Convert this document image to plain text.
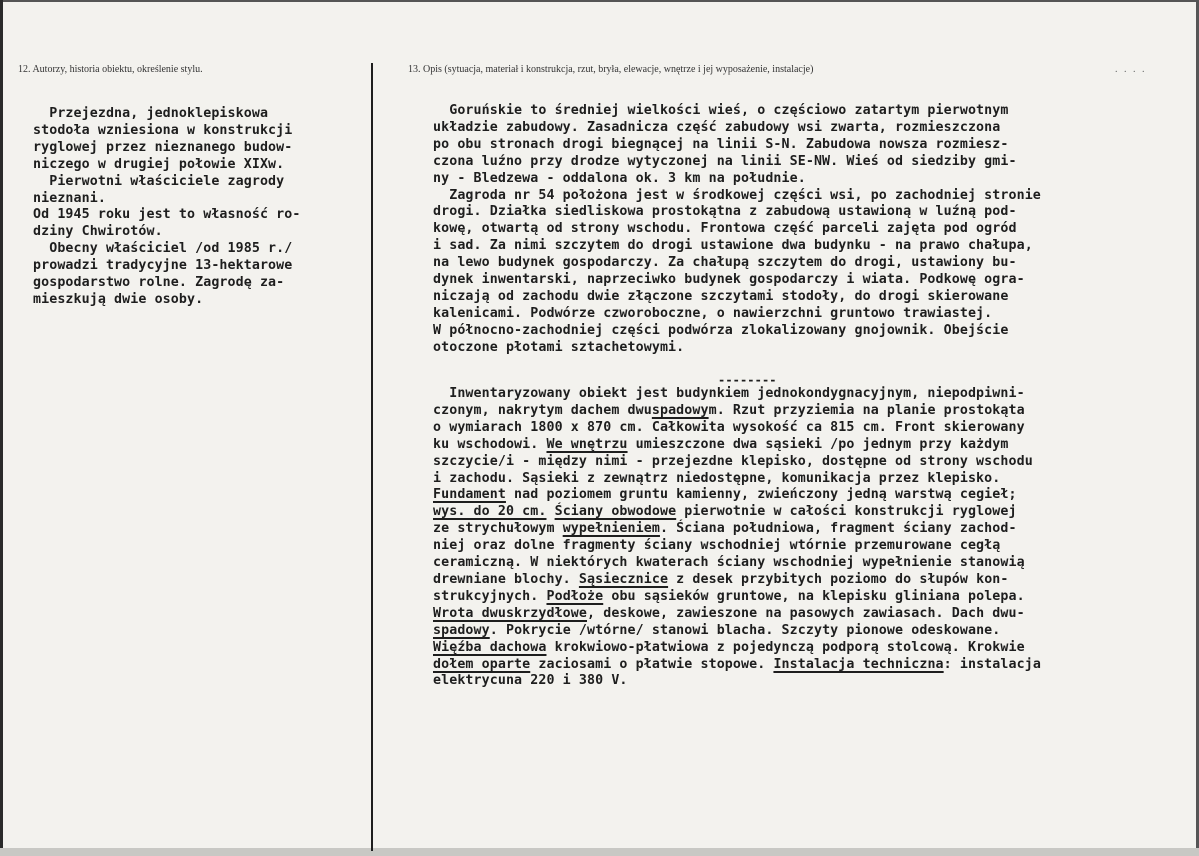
12. Autorzy, historia obiektu, określenie stylu.	13. Opis (sytuacja, materiał i konstrukcja, rzut, bryła, elewacje, wnętrze i jej wyposażenie, instalacje)	. . . .
Przejezdna, jednoklepiskowa
stodoła wzniesiona w konstrukcji
ryglowej przez nieznanego budow-
niczego w drugiej połowie XIXw.
Pierwotni właściciele zagrody
nieznani.
Od 1945 roku jest to własność ro-
dziny Chwirotów.
Obecny właściciel /od 1985 r./
prowadzi tradycyjne 13-hektarowe
gospodarstwo rolne. Zagrodę za-
mieszkują dwie osoby.
Goruńskie to średniej wielkości wieś, o częściowo zatartym pierwotnym
układzie zabudowy. Zasadnicza część zabudowy wsi zwarta, rozmieszczona
po obu stronach drogi biegnącej na linii S-N. Zabudowa nowsza rozmiesz-
czona luźno przy drodze wytyczonej na linii SE-NW. Wieś od siedziby gmi-
ny - Bledzewa - oddalona ok. 3 km na południe.
Zagroda nr 54 położona jest w środkowej części wsi, po zachodniej stronie
drogi. Działka siedliskowa prostokątna z zabudową ustawioną w luźną pod-
kowę, otwartą od strony wschodu. Frontowa część parceli zajęta pod ogród
i sad. Za nimi szczytem do drogi ustawione dwa budynku - na prawo chałupa,
na lewo budynek gospodarczy. Za chałupą szczytem do drogi, ustawiony bu-
dynek inwentarski, naprzeciwko budynek gospodarczy i wiata. Podkowę ogra-
niczają od zachodu dwie złączone szczytami stodoły, do drogi skierowane
kalenicami. Podwórze czworoboczne, o nawierzchni gruntowo trawiastej.
W północno-zachodniej części podwórza zlokalizowany gnojownik. Obejście
otoczone płotami sztachetowymi.
--------
Inwentaryzowany obiekt jest budynkiem jednokondygnacyjnym, niepodpiwni-
czonym, nakrytym dachem dwuspadowym. Rzut przyziemia na planie prostokąta
o wymiarach 1800 x 870 cm. Całkowita wysokość ca 815 cm. Front skierowany
ku wschodowi. We wnętrzu umieszczone dwa sąsieki /po jednym przy każdym
szczycie/i - między nimi - przejezdne klepisko, dostępne od strony wschodu
i zachodu. Sąsieki z zewnątrz niedostępne, komunikacja przez klepisko.
Fundament nad poziomem gruntu kamienny, zwieńczony jedną warstwą cegieł;
wys. do 20 cm. Ściany obwodowe pierwotnie w całości konstrukcji ryglowej
ze strychułowym wypełnieniem. Ściana południowa, fragment ściany zachod-
niej oraz dolne fragmenty ściany wschodniej wtórnie przemurowane cegłą
ceramiczną. W niektórych kwaterach ściany wschodniej wypełnienie stanowią
drewniane blochy. Sąsiecznice z desek przybitych poziomo do słupów kon-
strukcyjnych. Podłoże obu sąsieków gruntowe, na klepisku gliniana polepa.
Wrota dwuskrzydłowe, deskowe, zawieszone na pasowych zawiasach. Dach dwu-
spadowy. Pokrycie /wtórne/ stanowi blacha. Szczyty pionowe odeskowane.
Więźba dachowa krokwiowo-płatwiowa z pojedynczą podporą stolcową. Krokwie
dołem oparte zaciosami o płatwie stopowe. Instalacja techniczna: instalacja
elektrycuna 220 i 380 V.
